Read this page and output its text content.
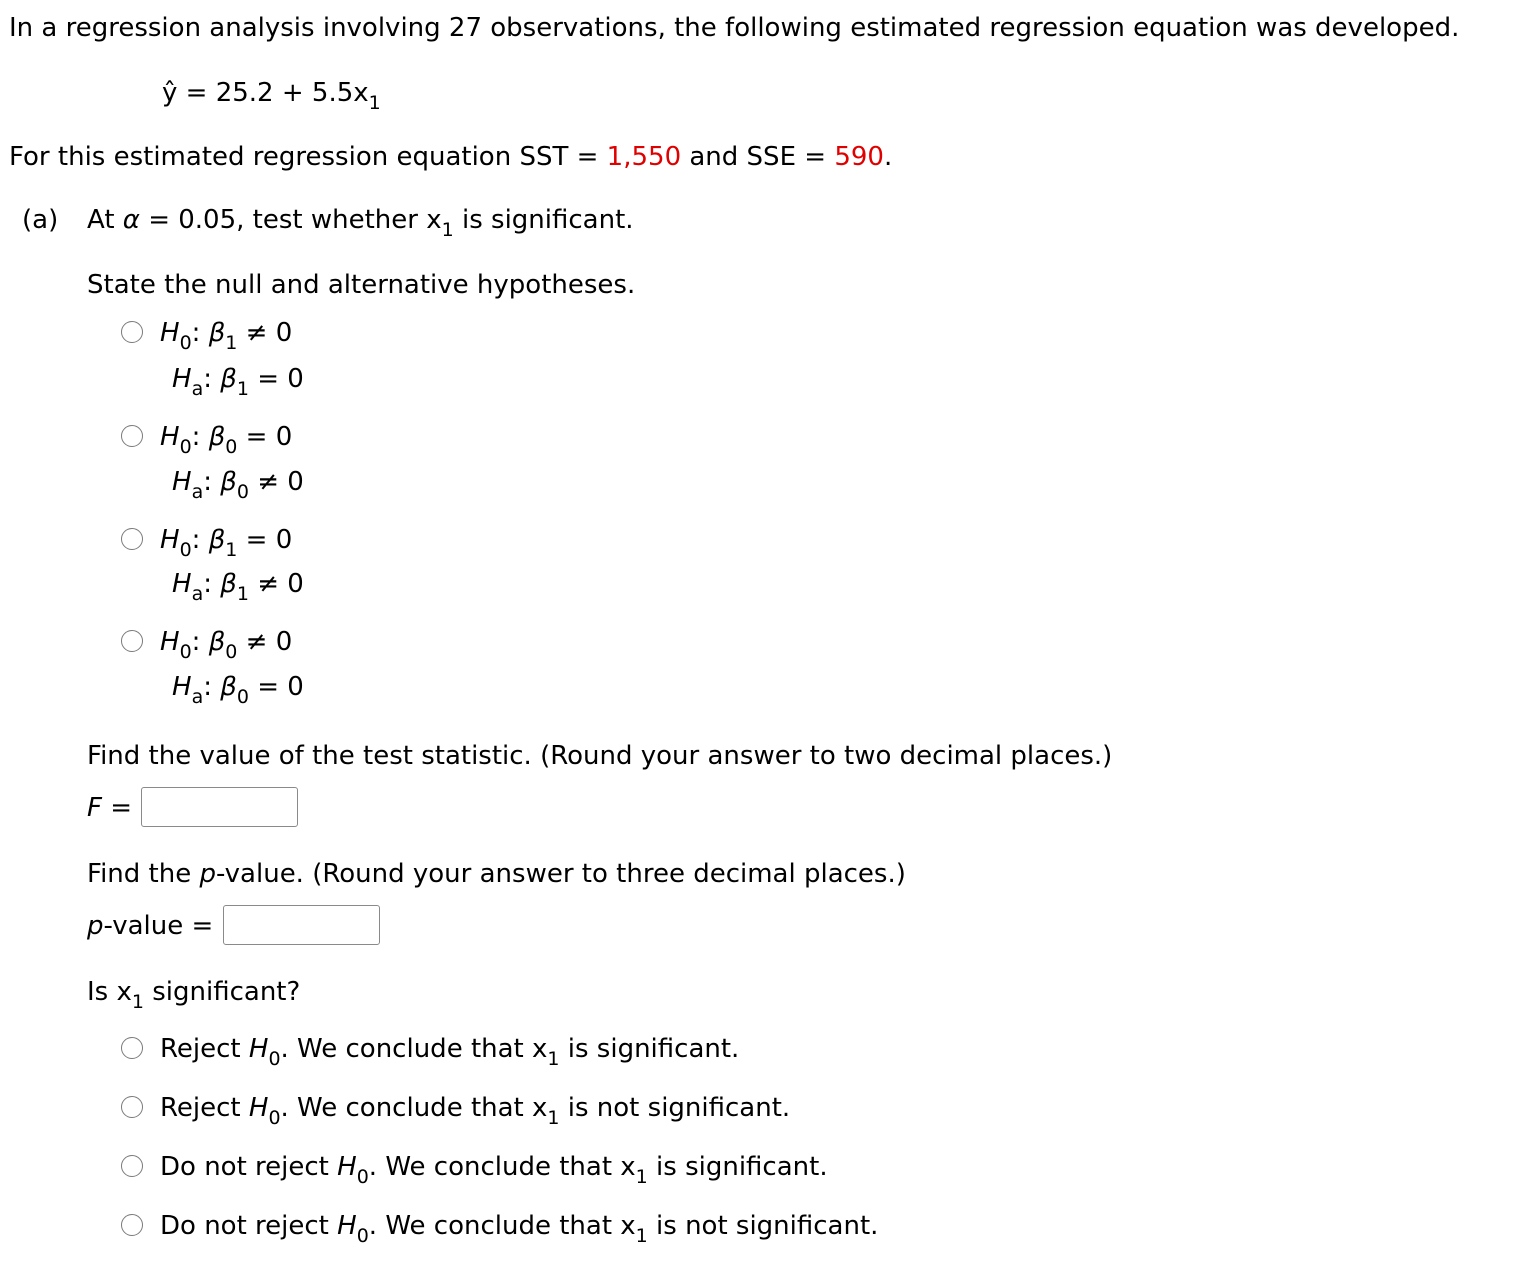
In a regression analysis involving 27 observations, the following estimated regression equation was developed.
ŷ = $25.2 + 5.5x_1$
For this estimated regression equation SST = 1,550 and SSE = 590.
(a) At α = 0.05, test whether $x_1$ is significant.
State the null and alternative hypotheses.
$H_0$: $\beta_1 \ne 0$
$H_a$: $\beta_1 = 0$
$H_0$: $\beta_0 = 0$
$H_a$: $\beta_0 \ne 0$
$H_0$: $\beta_1 = 0$
$H_a$: $\beta_1 \ne 0$
$H_0$: $\beta_0 \ne 0$
$H_a$: $\beta_0 = 0$
Find the value of the test statistic. (Round your answer to two decimal places.)
F =
Find the p-value. (Round your answer to three decimal places.)
p-value =
Is $x_1$ significant?
Reject $H_0$. We conclude that $x_1$ is significant.
Reject $H_0$. We conclude that $x_1$ is not significant.
Do not reject $H_0$. We conclude that $x_1$ is significant.
Do not reject $H_0$. We conclude that $x_1$ is not significant.
